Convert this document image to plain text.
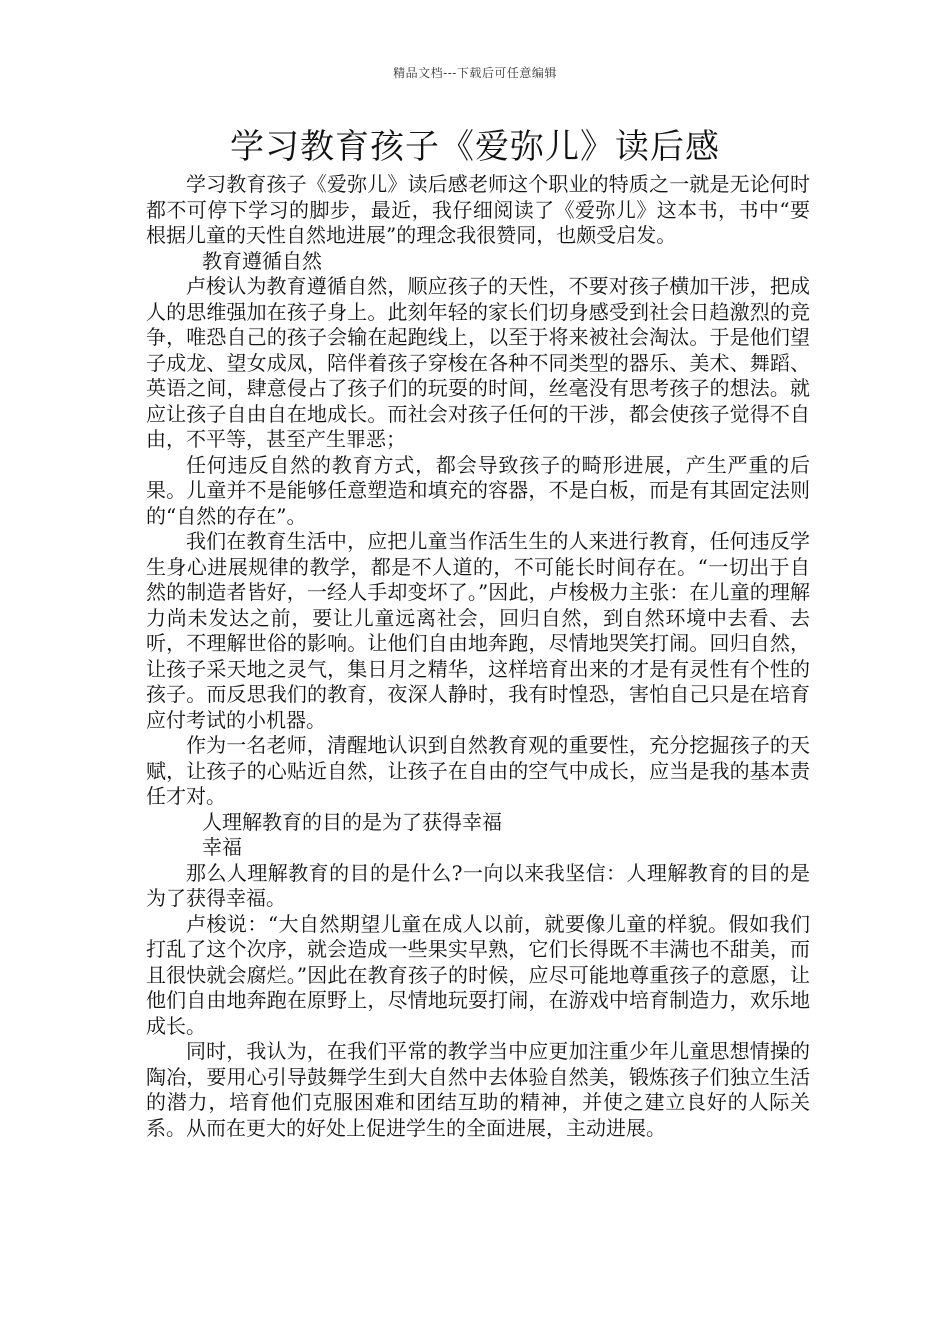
精品文档---下载后可任意编辑
学习教育孩子《爱弥儿》读后感

学习教育孩子《爱弥儿》读后感老师这个职业的特质之一就是无论何时都不可停下学习的脚步，最近，我仔细阅读了《爱弥儿》这本书，书中“要根据儿童的天性自然地进展”的理念我很赞同，也颇受启发。

教育遵循自然

卢梭认为教育遵循自然，顺应孩子的天性，不要对孩子横加干涉，把成人的思维强加在孩子身上。此刻年轻的家长们切身感受到社会日趋激烈的竞争，唯恐自己的孩子会输在起跑线上，以至于将来被社会淘汰。于是他们望子成龙、望女成凤，陪伴着孩子穿梭在各种不同类型的器乐、美术、舞蹈、英语之间，肆意侵占了孩子们的玩耍的时间，丝毫没有思考孩子的想法。就应让孩子自由自在地成长。而社会对孩子任何的干涉，都会使孩子觉得不自由，不平等，甚至产生罪恶；

任何违反自然的教育方式，都会导致孩子的畸形进展，产生严重的后果。儿童并不是能够任意塑造和填充的容器，不是白板，而是有其固定法则的“自然的存在”。

我们在教育生活中，应把儿童当作活生生的人来进行教育，任何违反学生身心进展规律的教学，都是不人道的，不可能长时间存在。“一切出于自然的制造者皆好，一经人手却变坏了。”因此，卢梭极力主张：在儿童的理解力尚未发达之前，要让儿童远离社会，回归自然，到自然环境中去看、去听，不理解世俗的影响。让他们自由地奔跑，尽情地哭笑打闹。回归自然，让孩子采天地之灵气，集日月之精华，这样培育出来的才是有灵性有个性的孩子。而反思我们的教育，夜深人静时，我有时惶恐，害怕自己只是在培育应付考试的小机器。

作为一名老师，清醒地认识到自然教育观的重要性，充分挖掘孩子的天赋，让孩子的心贴近自然，让孩子在自由的空气中成长，应当是我的基本责任才对。

人理解教育的目的是为了获得幸福

幸福

那么人理解教育的目的是什么?一向以来我坚信：人理解教育的目的是为了获得幸福。

卢梭说：“大自然期望儿童在成人以前，就要像儿童的样貌。假如我们打乱了这个次序，就会造成一些果实早熟，它们长得既不丰满也不甜美，而且很快就会腐烂。”因此在教育孩子的时候，应尽可能地尊重孩子的意愿，让他们自由地奔跑在原野上，尽情地玩耍打闹，在游戏中培育制造力，欢乐地成长。

同时，我认为，在我们平常的教学当中应更加注重少年儿童思想情操的陶冶，要用心引导鼓舞学生到大自然中去体验自然美，锻炼孩子们独立生活的潜力，培育他们克服困难和团结互助的精神，并使之建立良好的人际关系。从而在更大的好处上促进学生的全面进展，主动进展。
